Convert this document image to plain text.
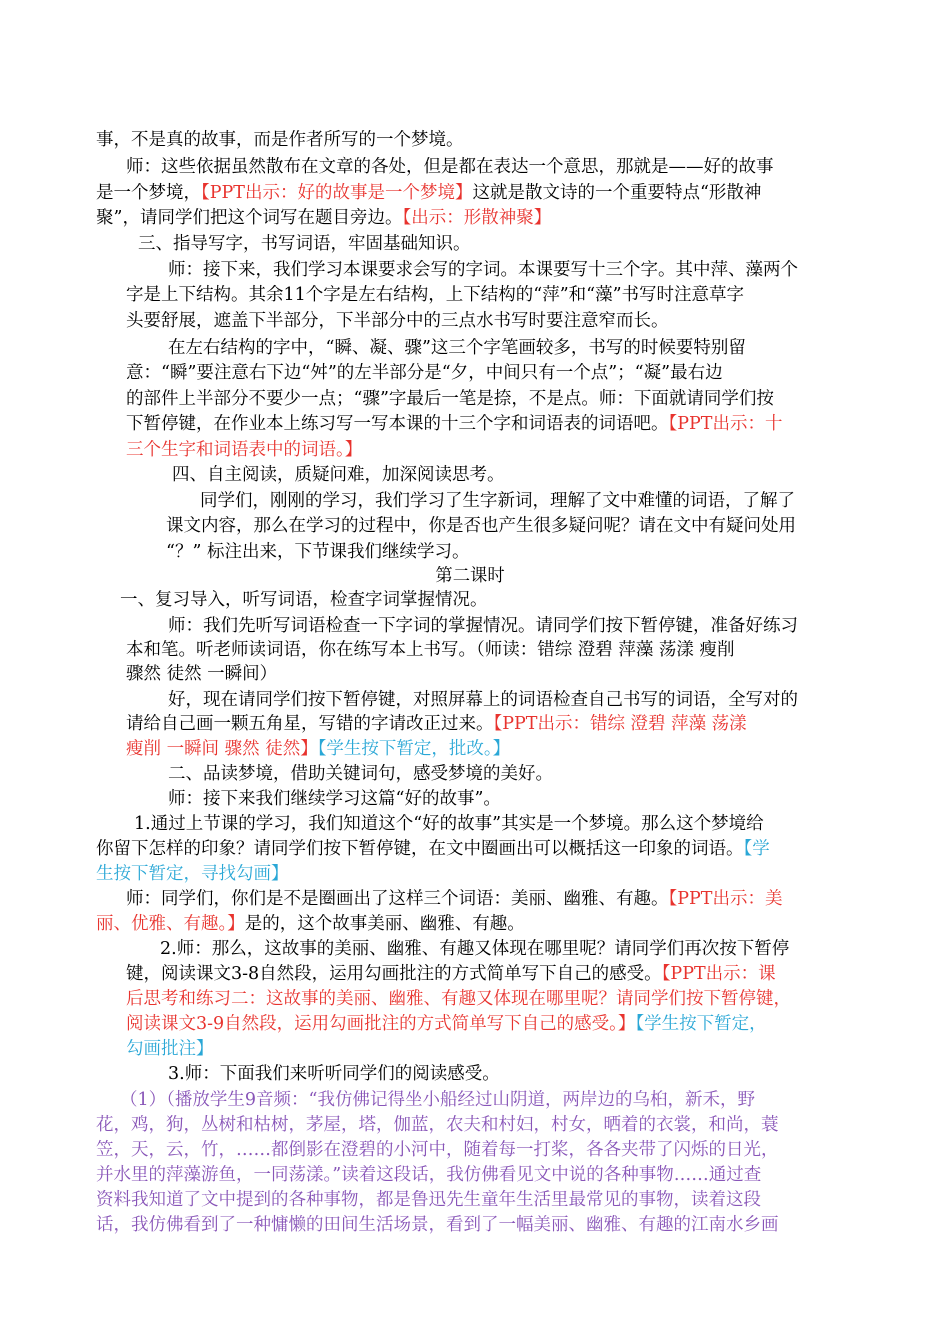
事，不是真的故事，而是作者所写的一个梦境。
师：这些依据虽然散布在文章的各处，但是都在表达一个意思，那就是——好的故事
是一个梦境，【PPT出示：好的故事是一个梦境】这就是散文诗的一个重要特点“形散神
聚”，请同学们把这个词写在题目旁边。【出示：形散神聚】
三、指导写字，书写词语，牢固基础知识。
师：接下来，我们学习本课要求会写的字词。本课要写十三个字。其中萍、藻两个
字是上下结构。其余11个字是左右结构，上下结构的“萍”和“藻”书写时注意草字
头要舒展，遮盖下半部分，下半部分中的三点水书写时要注意窄而长。
在左右结构的字中，“瞬、凝、骤”这三个字笔画较多，书写的时候要特别留
意：“瞬”要注意右下边“舛”的左半部分是“夕，中间只有一个点”；“凝”最右边
的部件上半部分不要少一点；“骤”字最后一笔是捺，不是点。师：下面就请同学们按
下暂停键，在作业本上练习写一写本课的十三个字和词语表的词语吧。【PPT出示：十
三个生字和词语表中的词语。】
四、自主阅读，质疑问难，加深阅读思考。
同学们，刚刚的学习，我们学习了生字新词，理解了文中难懂的词语，了解了
课文内容，那么在学习的过程中，你是否也产生很多疑问呢？请在文中有疑问处用
“？” 标注出来，下节课我们继续学习。
第二课时
一、复习导入，听写词语，检查字词掌握情况。
师：我们先听写词语检查一下字词的掌握情况。请同学们按下暂停键，准备好练习
本和笔。听老师读词语，你在练写本上书写。（师读：错综 澄碧 萍藻 荡漾 瘦削
骤然 徒然 一瞬间）
好，现在请同学们按下暂停键，对照屏幕上的词语检查自己书写的词语，全写对的
请给自己画一颗五角星，写错的字请改正过来。【PPT出示：错综 澄碧 萍藻 荡漾
瘦削 一瞬间 骤然 徒然】【学生按下暂定，批改。】
二、品读梦境，借助关键词句，感受梦境的美好。
师：接下来我们继续学习这篇“好的故事”。
1.通过上节课的学习，我们知道这个“好的故事”其实是一个梦境。那么这个梦境给
你留下怎样的印象？请同学们按下暂停键，在文中圈画出可以概括这一印象的词语。【学
生按下暂定，寻找勾画】
师：同学们，你们是不是圈画出了这样三个词语：美丽、幽雅、有趣。【PPT出示：美
丽、优雅、有趣。】是的，这个故事美丽、幽雅、有趣。
2.师：那么，这故事的美丽、幽雅、有趣又体现在哪里呢？请同学们再次按下暂停
键，阅读课文3-8自然段，运用勾画批注的方式简单写下自己的感受。【PPT出示：课
后思考和练习二：这故事的美丽、幽雅、有趣又体现在哪里呢？请同学们按下暂停键，
阅读课文3-9自然段，运用勾画批注的方式简单写下自己的感受。】【学生按下暂定，
勾画批注】
3.师：下面我们来听听同学们的阅读感受。
（1）（播放学生9音频：“我仿佛记得坐小船经过山阴道，两岸边的乌桕，新禾，野
花，鸡，狗，丛树和枯树，茅屋，塔，伽蓝，农夫和村妇，村女，晒着的衣裳，和尚，蓑
笠，天，云，竹，……都倒影在澄碧的小河中，随着每一打桨，各各夹带了闪烁的日光，
并水里的萍藻游鱼，一同荡漾。”读着这段话，我仿佛看见文中说的各种事物……通过查
资料我知道了文中提到的各种事物，都是鲁迅先生童年生活里最常见的事物，读着这段
话，我仿佛看到了一种慵懒的田间生活场景，看到了一幅美丽、幽雅、有趣的江南水乡画
